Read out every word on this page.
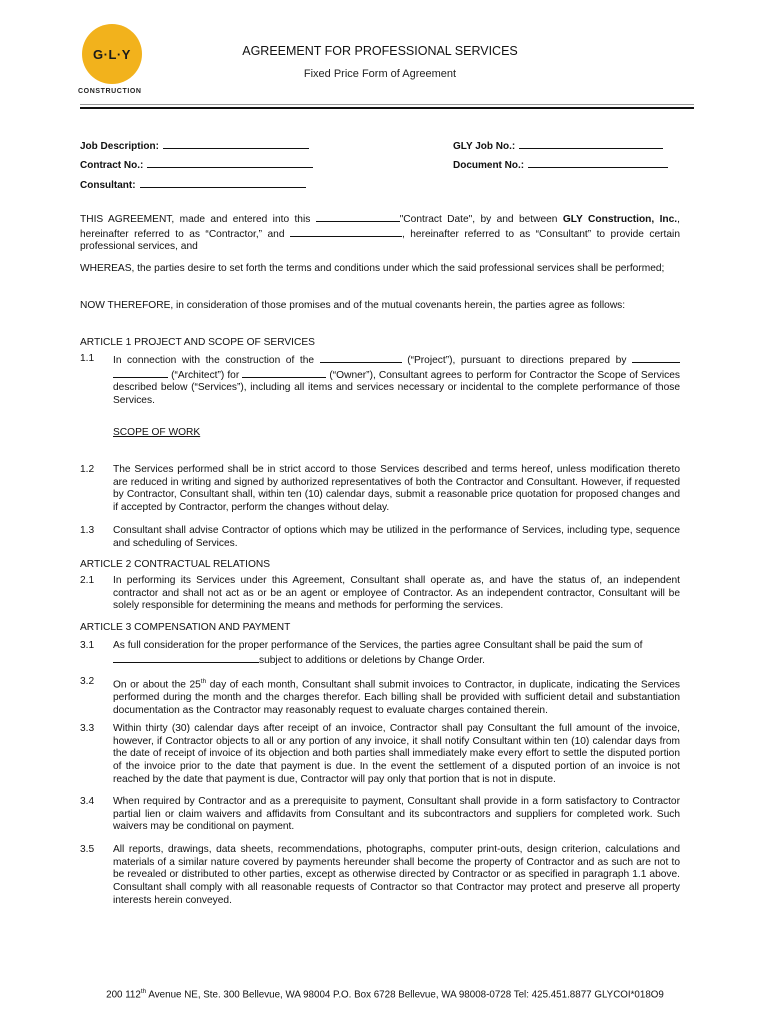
G·L·Y
CONSTRUCTION
AGREEMENT FOR PROFESSIONAL SERVICES
Fixed Price Form of Agreement
Job Description:	GLY Job No.:
Contract No.:	Document No.:
Consultant:
THIS AGREEMENT, made and entered into this	"Contract Date", by and between GLY Construction, Inc., hereinafter referred to as “Contractor,” and	, hereinafter referred to as “Consultant” to provide certain professional services, and
WHEREAS, the parties desire to set forth the terms and conditions under which the said professional services shall be performed;
NOW THEREFORE, in consideration of those promises and of the mutual covenants herein, the parties agree as follows:
ARTICLE 1 PROJECT AND SCOPE OF SERVICES
1.1 In connection with the construction of the	(“Project”), pursuant to directions prepared by   (“Architect”) for	(“Owner”), Consultant agrees to perform for Contractor the Scope of Services described below (“Services”), including all items and services necessary or incidental to the complete performance of those Services.
SCOPE OF WORK
1.2 The Services performed shall be in strict accord to those Services described and terms hereof, unless modification thereto are reduced in writing and signed by authorized representatives of both the Contractor and Consultant. However, if requested by Contractor, Consultant shall, within ten (10) calendar days, submit a reasonable price quotation for proposed changes and if accepted by Contractor, perform the changes without delay.
1.3 Consultant shall advise Contractor of options which may be utilized in the performance of Services, including type, sequence and scheduling of Services.
ARTICLE 2 CONTRACTUAL RELATIONS
2.1 In performing its Services under this Agreement, Consultant shall operate as, and have the status of, an independent contractor and shall not act as or be an agent or employee of Contractor. As an independent contractor, Consultant will be solely responsible for determining the means and methods for performing the services.
ARTICLE 3 COMPENSATION AND PAYMENT
3.1 As full consideration for the proper performance of the Services, the parties agree Consultant shall be paid the sum of
subject to additions or deletions by Change Order.
3.2 On or about the 25th day of each month, Consultant shall submit invoices to Contractor, in duplicate, indicating the Services performed during the month and the charges therefor. Each billing shall be provided with sufficient detail and substantiation documentation as the Contractor may reasonably request to evaluate charges contained therein.
3.3 Within thirty (30) calendar days after receipt of an invoice, Contractor shall pay Consultant the full amount of the invoice, however, if Contractor objects to all or any portion of any invoice, it shall notify Consultant within ten (10) calendar days from the date of receipt of invoice of its objection and both parties shall immediately make every effort to settle the disputed portion of the invoice prior to the date that payment is due. In the event the settlement of a disputed portion of an invoice is not reached by the date that payment is due, Contractor will pay only that portion that is not in dispute.
3.4 When required by Contractor and as a prerequisite to payment, Consultant shall provide in a form satisfactory to Contractor partial lien or claim waivers and affidavits from Consultant and its subcontractors and suppliers for completed work. Such waivers may be conditional on payment.
3.5 All reports, drawings, data sheets, recommendations, photographs, computer print-outs, design criterion, calculations and materials of a similar nature covered by payments hereunder shall become the property of Contractor and as such are not to be revealed or distributed to other parties, except as otherwise directed by Contractor or as specified in paragraph 1.1 above. Consultant shall comply with all reasonable requests of Contractor so that Contractor may protect and preserve all property interests herein conveyed.
200 112th Avenue NE, Ste. 300 Bellevue, WA 98004 P.O. Box 6728 Bellevue, WA 98008-0728 Tel: 425.451.8877 GLYCOI*018O9
